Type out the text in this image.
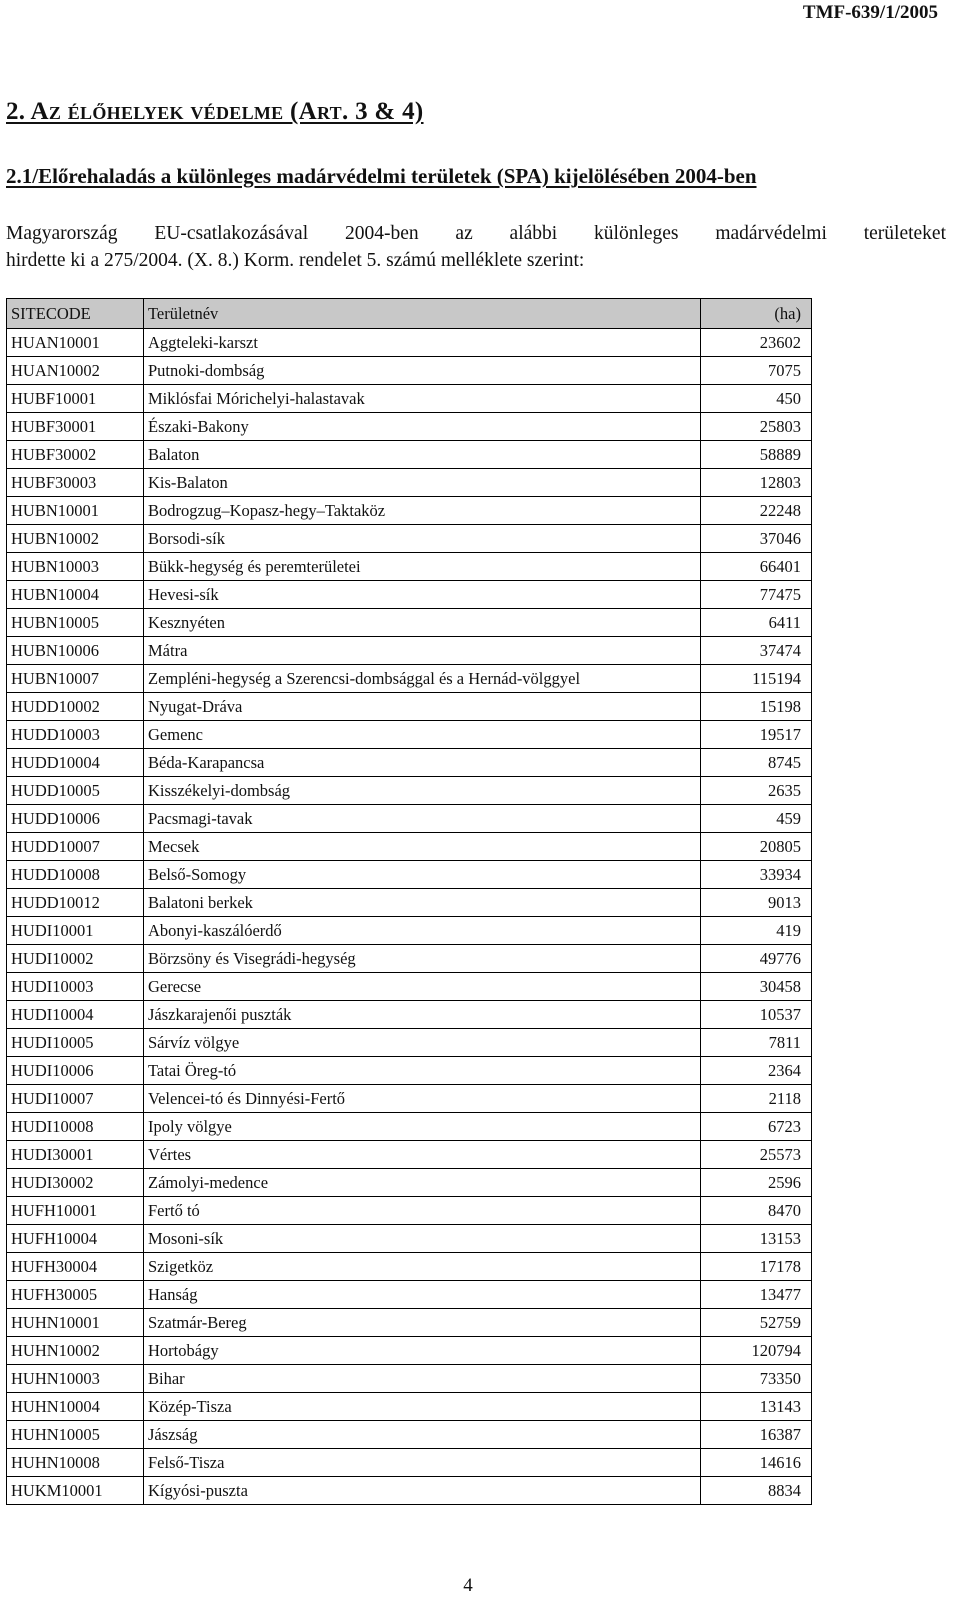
TMF-639/1/2005
2. Az élőhelyek védelme (Art. 3 & 4)
2.1/Előrehaladás a különleges madárvédelmi területek (SPA) kijelölésében 2004-ben

Magyarország EU-csatlakozásával 2004-ben az alábbi különleges madárvédelmi területeket
hirdette ki a 275/2004. (X. 8.) Korm. rendelet 5. számú melléklete szerint:

SITECODE	Területnév	(ha)
HUAN10001	Aggteleki-karszt	23602
HUAN10002	Putnoki-dombság	7075
HUBF10001	Miklósfai Mórichelyi-halastavak	450
HUBF30001	Északi-Bakony	25803
HUBF30002	Balaton	58889
HUBF30003	Kis-Balaton	12803
HUBN10001	Bodrogzug–Kopasz-hegy–Taktaköz	22248
HUBN10002	Borsodi-sík	37046
HUBN10003	Bükk-hegység és peremterületei	66401
HUBN10004	Hevesi-sík	77475
HUBN10005	Kesznyéten	6411
HUBN10006	Mátra	37474
HUBN10007	Zempléni-hegység a Szerencsi-dombsággal és a Hernád-völggyel	115194
HUDD10002	Nyugat-Dráva	15198
HUDD10003	Gemenc	19517
HUDD10004	Béda-Karapancsa	8745
HUDD10005	Kisszékelyi-dombság	2635
HUDD10006	Pacsmagi-tavak	459
HUDD10007	Mecsek	20805
HUDD10008	Belső-Somogy	33934
HUDD10012	Balatoni berkek	9013
HUDI10001	Abonyi-kaszálóerdő	419
HUDI10002	Börzsöny és Visegrádi-hegység	49776
HUDI10003	Gerecse	30458
HUDI10004	Jászkarajenői puszták	10537
HUDI10005	Sárvíz völgye	7811
HUDI10006	Tatai Öreg-tó	2364
HUDI10007	Velencei-tó és Dinnyési-Fertő	2118
HUDI10008	Ipoly völgye	6723
HUDI30001	Vértes	25573
HUDI30002	Zámolyi-medence	2596
HUFH10001	Fertő tó	8470
HUFH10004	Mosoni-sík	13153
HUFH30004	Szigetköz	17178
HUFH30005	Hanság	13477
HUHN10001	Szatmár-Bereg	52759
HUHN10002	Hortobágy	120794
HUHN10003	Bihar	73350
HUHN10004	Közép-Tisza	13143
HUHN10005	Jászság	16387
HUHN10008	Felső-Tisza	14616
HUKM10001	Kígyósi-puszta	8834
4
